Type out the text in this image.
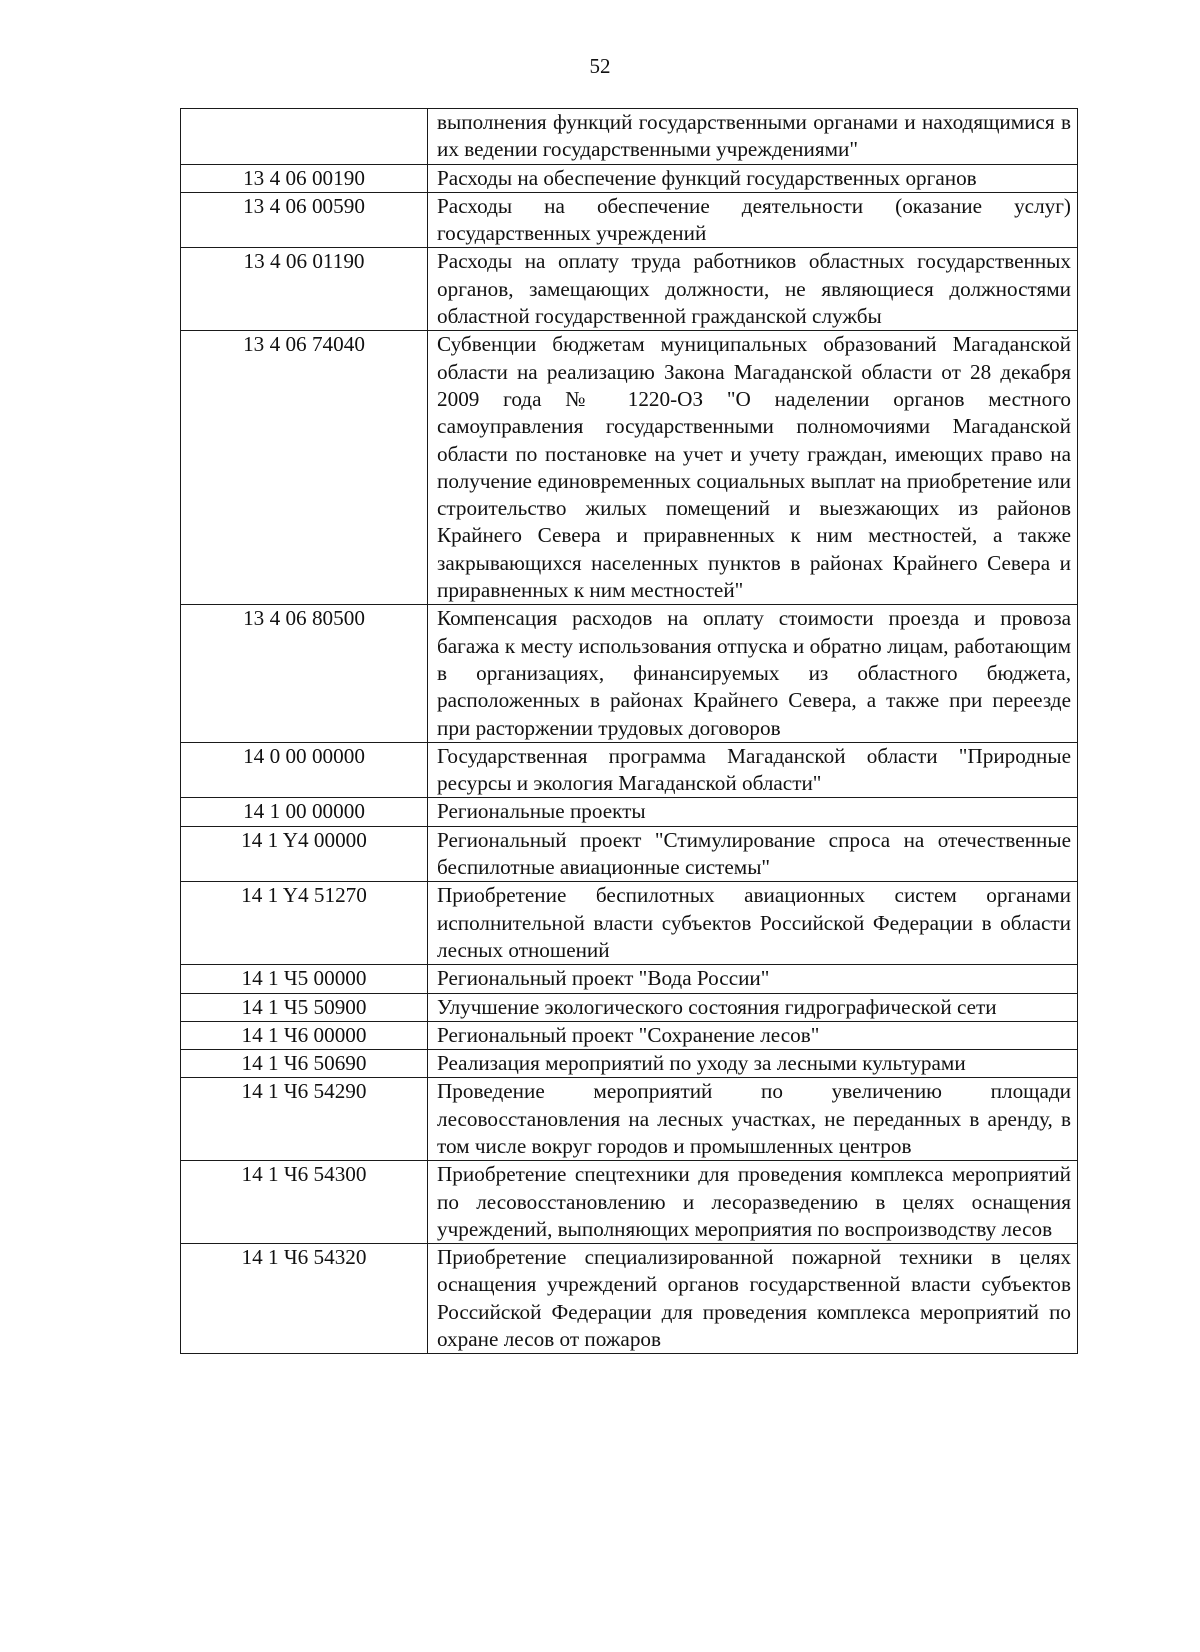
52
	выполнения функций государственными органами и находящимися в их ведении государственными учреждениями"
13 4 06 00190	Расходы на обеспечение функций государственных органов
13 4 06 00590	Расходы на обеспечение деятельности (оказание услуг) государственных учреждений
13 4 06 01190	Расходы на оплату труда работников областных государственных органов, замещающих должности, не являющиеся должностями областной государственной гражданской службы
13 4 06 74040	Субвенции бюджетам муниципальных образований Магаданской области на реализацию Закона Магаданской области от 28 декабря 2009 года № 1220-ОЗ "О наделении органов местного самоуправления государственными полномочиями Магаданской области по постановке на учет и учету граждан, имеющих право на получение единовременных социальных выплат на приобретение или строительство жилых помещений и выезжающих из районов Крайнего Севера и приравненных к ним местностей, а также закрывающихся населенных пунктов в районах Крайнего Севера и приравненных к ним местностей"
13 4 06 80500	Компенсация расходов на оплату стоимости проезда и провоза багажа к месту использования отпуска и обратно лицам, работающим в организациях, финансируемых из областного бюджета, расположенных в районах Крайнего Севера, а также при переезде при расторжении трудовых договоров
14 0 00 00000	Государственная программа Магаданской области "Природные ресурсы и экология Магаданской области"
14 1 00 00000	Региональные проекты
14 1 Y4 00000	Региональный проект "Стимулирование спроса на отечественные беспилотные авиационные системы"
14 1 Y4 51270	Приобретение беспилотных авиационных систем органами исполнительной власти субъектов Российской Федерации в области лесных отношений
14 1 Ч5 00000	Региональный проект "Вода России"
14 1 Ч5 50900	Улучшение экологического состояния гидрографической сети
14 1 Ч6 00000	Региональный проект "Сохранение лесов"
14 1 Ч6 50690	Реализация мероприятий по уходу за лесными культурами
14 1 Ч6 54290	Проведение мероприятий по увеличению площади лесовосстановления на лесных участках, не переданных в аренду, в том числе вокруг городов и промышленных центров
14 1 Ч6 54300	Приобретение спецтехники для проведения комплекса мероприятий по лесовосстановлению и лесоразведению в целях оснащения учреждений, выполняющих мероприятия по воспроизводству лесов
14 1 Ч6 54320	Приобретение специализированной пожарной техники в целях оснащения учреждений органов государственной власти субъектов Российской Федерации для проведения комплекса мероприятий по охране лесов от пожаров
